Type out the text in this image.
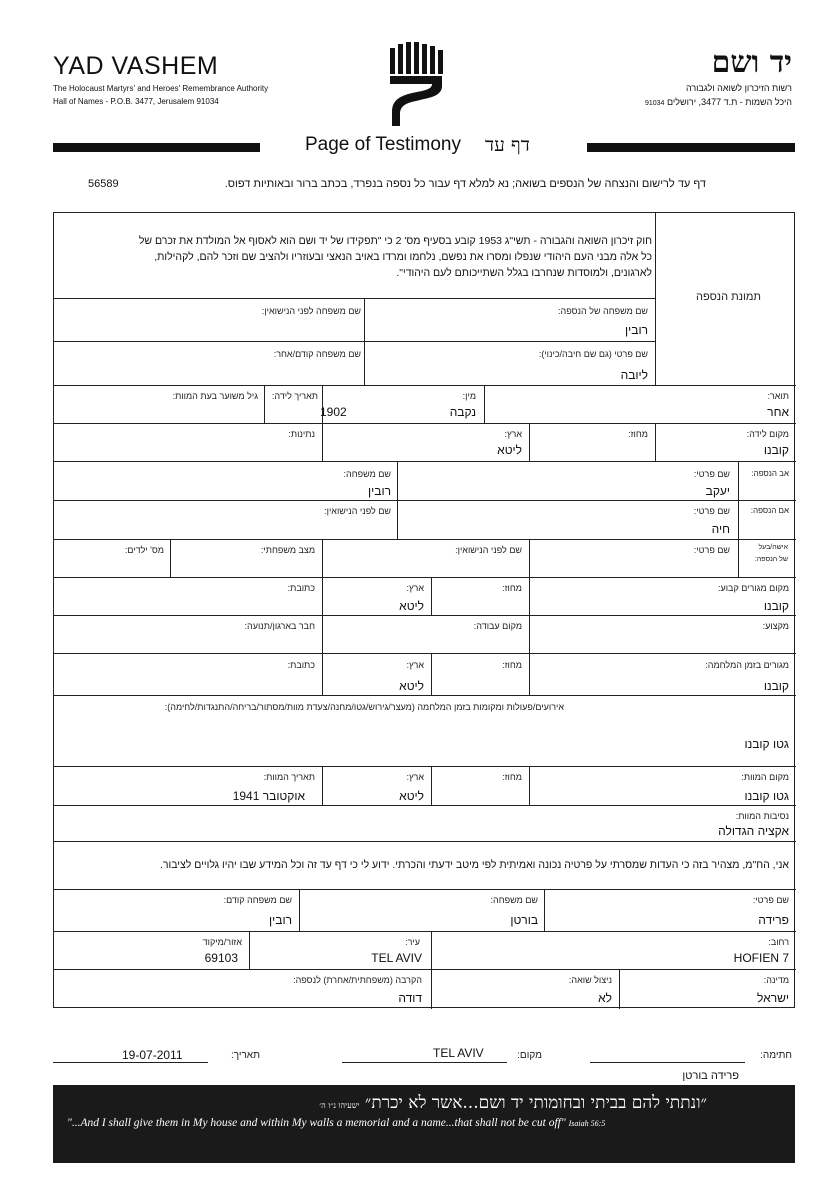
YAD VASHEM
The Holocaust Martyrs' and Heroes' Remembrance Authority
Hall of Names - P.O.B. 3477, Jerusalem 91034
יד ושם
רשות הזיכרון לשואה ולגבורה
היכל השמות - ת.ד 3477, ירושלים 91034
Page of Testimony דף עד
דף עד לרישום והנצחה של הנספים בשואה; נא למלא דף עבור כל נספה בנפרד, בכתב ברור ובאותיות דפוס.
56589
חוק זיכרון השואה והגבורה - תשי"ג 1953 קובע בסעיף מס' 2 כי "תפקידו של יד ושם הוא לאסוף אל המולדת את זכרם של
כל אלה מבני העם היהודי שנפלו ומסרו את נפשם, נלחמו ומרדו באויב הנאצי ובעוזריו ולהציב שם וזכר להם, לקהילות,
לארגונים, ולמוסדות שנחרבו בגלל השתייכותם לעם היהודי".
תמונת הנספה
שם משפחה של הנספה:
רובין
שם משפחה לפני הנישואין:
שם פרטי (גם שם חיבה/כינוי):
ליובה
שם משפחה קודם/אחר:
תואר:
אחר
מין:
נקבה
תאריך לידה:
1902
גיל משוער בעת המוות:
מקום לידה:
קובנו
מחוז:
ארץ:
ליטא
נתינות:
אב הנספה:
שם פרטי:
יעקב
שם משפחה:
רובין
אם הנספה:
שם פרטי:
חיה
שם לפני הנישואין:
אישה/בעל
של הנספה:
שם פרטי:
שם לפני הנישואין:
מצב משפחתי:
מס' ילדים:
מקום מגורים קבוע:
קובנו
מחוז:
ארץ:
ליטא
כתובת:
מקצוע:
מקום עבודה:
חבר בארגון/תנועה:
מגורים בזמן המלחמה:
קובנו
מחוז:
ארץ:
ליטא
כתובת:
אירועים/פעולות ומקומות בזמן המלחמה (מעצר/גירוש/גטו/מחנה/צעדת מוות/מסתור/בריחה/התנגדות/לחימה):
גטו קובנו
מקום המוות:
גטו קובנו
מחוז:
ארץ:
ליטא
תאריך המוות:
אוקטובר 1941
נסיבות המוות:
אקציה הגדולה
אני, הח"מ, מצהיר בזה כי העדות שמסרתי על פרטיה נכונה ואמיתית לפי מיטב ידעתי והכרתי. ידוע לי כי דף עד זה וכל המידע שבו יהיו גלויים לציבור.
שם פרטי:
פרידה
שם משפחה:
בורטן
שם משפחה קודם:
רובין
רחוב:
HOFIEN 7
עיר:
TEL AVIV
אזור/מיקוד
69103
מדינה:
ישראל
ניצול שואה:
לא
הקרבה (משפחתית/אחרת) לנספה:
דודה
חתימה:
פרידה בורטן
מקום:
TEL AVIV
תאריך:
19-07-2011
״ונתתי להם בביתי ובחומותי יד ושם...אשר לא יכרת״ ישעיהו נ״ו ה׳
"...And I shall give them in My house and within My walls a memorial and a name...that shall not be cut off" Isaiah 56:5
